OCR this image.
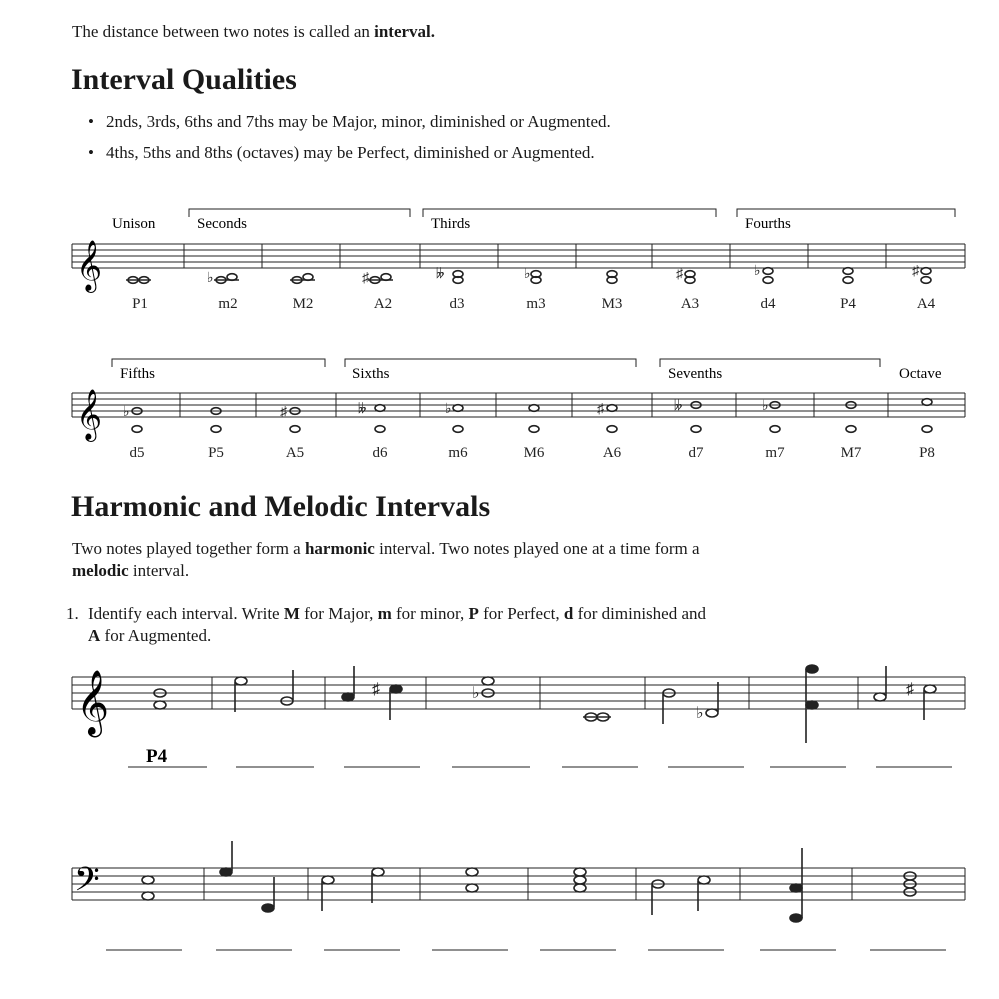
The distance between two notes is called an interval.
Interval Qualities
• 2nds, 3rds, 6ths and 7ths may be Major, minor, diminished or Augmented.
• 4ths, 5ths and 8ths (octaves) may be Perfect, diminished or Augmented.
Unison	Seconds	Thirds	Fourths
𝄞	♭	♯	𝄫	♭	♯	♭	♯
P1	m2	M2	A2	d3	m3	M3	A3	d4	P4	A4
Fifths	Sixths	Sevenths	Octave
𝄞 ♭	♯	𝄫	♭	♯	𝄫	♭
d5	P5	A5	d6	m6	M6	A6	d7	m7	M7	P8
Harmonic and Melodic Intervals
Two notes played together form a harmonic interval. Two notes played one at a time form a
melodic interval.
1. Identify each interval. Write M for Major, m for minor, P for Perfect, d for diminished and
A for Augmented.
𝄞	♯	♭
♭
♯
P4
𝄢
